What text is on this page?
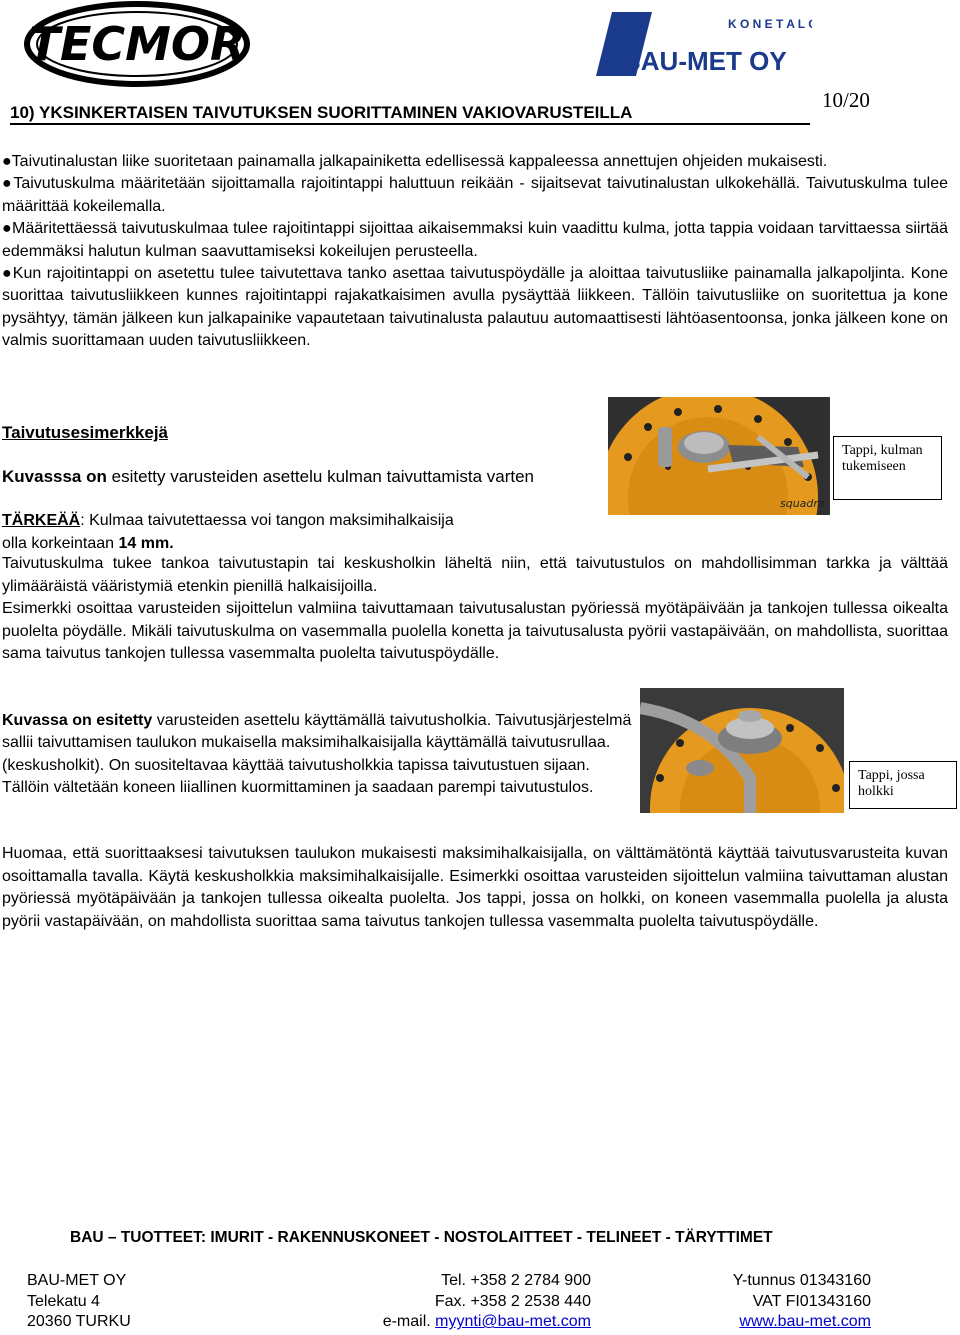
TECMOR	K O N E T A L O
BAU-MET OY
10) YKSINKERTAISEN TAIVUTUKSEN SUORITTAMINEN VAKIOVARUSTEILLA
10/20
●Taivutinalustan liike suoritetaan painamalla jalkapainiketta edellisessä kappaleessa annettujen ohjeiden mukaisesti.
●Taivutuskulma määritetään sijoittamalla rajoitintappi haluttuun reikään - sijaitsevat taivutinalustan ulkokehällä. Taivutuskulma tulee määrittää kokeilemalla.
●Määritettäessä taivutuskulmaa tulee rajoitintappi sijoittaa aikaisemmaksi kuin vaadittu kulma, jotta tappia voidaan tarvittaessa siirtää edemmäksi halutun kulman saavuttamiseksi kokeilujen perusteella.
●Kun rajoitintappi on asetettu tulee taivutettava tanko asettaa taivutuspöydälle ja aloittaa taivutusliike painamalla jalkapoljinta. Kone suorittaa taivutusliikkeen kunnes rajoitintappi rajakatkaisimen avulla pysäyttää liikkeen. Tällöin taivutusliike on suoritettua ja kone pysähtyy, tämän jälkeen kun jalkapainike vapautetaan taivutinalusta palautuu automaattisesti lähtöasentoonsa, jonka jälkeen kone on valmis suorittamaan uuden taivutusliikkeen.
Taivutusesimerkkejä
Kuvasssa on esitetty varusteiden asettelu kulman taivuttamista varten
squadra
Tappi, kulman tukemiseen
TÄRKEÄÄ: Kulmaa taivutettaessa voi tangon maksimihalkaisija
olla korkeintaan 14 mm.
Taivutuskulma tukee tankoa taivutustapin tai keskusholkin läheltä niin, että taivutustulos on mahdollisimman tarkka ja välttää ylimääräistä vääristymiä etenkin pienillä halkaisijoilla.
Esimerkki osoittaa varusteiden sijoittelun valmiina taivuttamaan taivutusalustan pyöriessä myötäpäivään ja tankojen tullessa oikealta puolelta pöydälle. Mikäli taivutuskulma on vasemmalla puolella konetta ja taivutusalusta pyörii vastapäivään, on mahdollista, suorittaa sama taivutus tankojen tullessa vasemmalta puolelta taivutuspöydälle.
Tappi, jossa holkki
Kuvassa on esitetty varusteiden asettelu käyttämällä taivutusholkia. Taivutusjärjestelmä sallii taivuttamisen taulukon mukaisella maksimihalkaisijalla käyttämällä taivutusrullaa. (keskusholkit). On suositeltavaa käyttää taivutusholkkia tapissa taivutustuen sijaan. Tällöin vältetään koneen liiallinen kuormittaminen ja saadaan parempi taivutustulos.
Huomaa, että suorittaaksesi taivutuksen taulukon mukaisesti maksimihalkaisijalla, on välttämätöntä käyttää taivutusvarusteita kuvan osoittamalla tavalla. Käytä keskusholkkia maksimihalkaisijalle. Esimerkki osoittaa varusteiden sijoittelun valmiina taivuttaman alustan pyöriessä myötäpäivään ja tankojen tullessa oikealta puolelta. Jos tappi, jossa on holkki, on koneen vasemmalla puolella ja alusta pyörii vastapäivään, on mahdollista suorittaa sama taivutus tankojen tullessa vasemmalta puolelta taivutuspöydälle.
BAU – TUOTTEET: IMURIT - RAKENNUSKONEET - NOSTOLAITTEET - TELINEET - TÄRYTTIMET
BAU-MET OY
Telekatu 4
20360 TURKU
Tel. +358 2 2784 900
Fax. +358 2 2538 440
e-mail. myynti@bau-met.com
Y-tunnus 01343160
VAT FI01343160
www.bau-met.com
